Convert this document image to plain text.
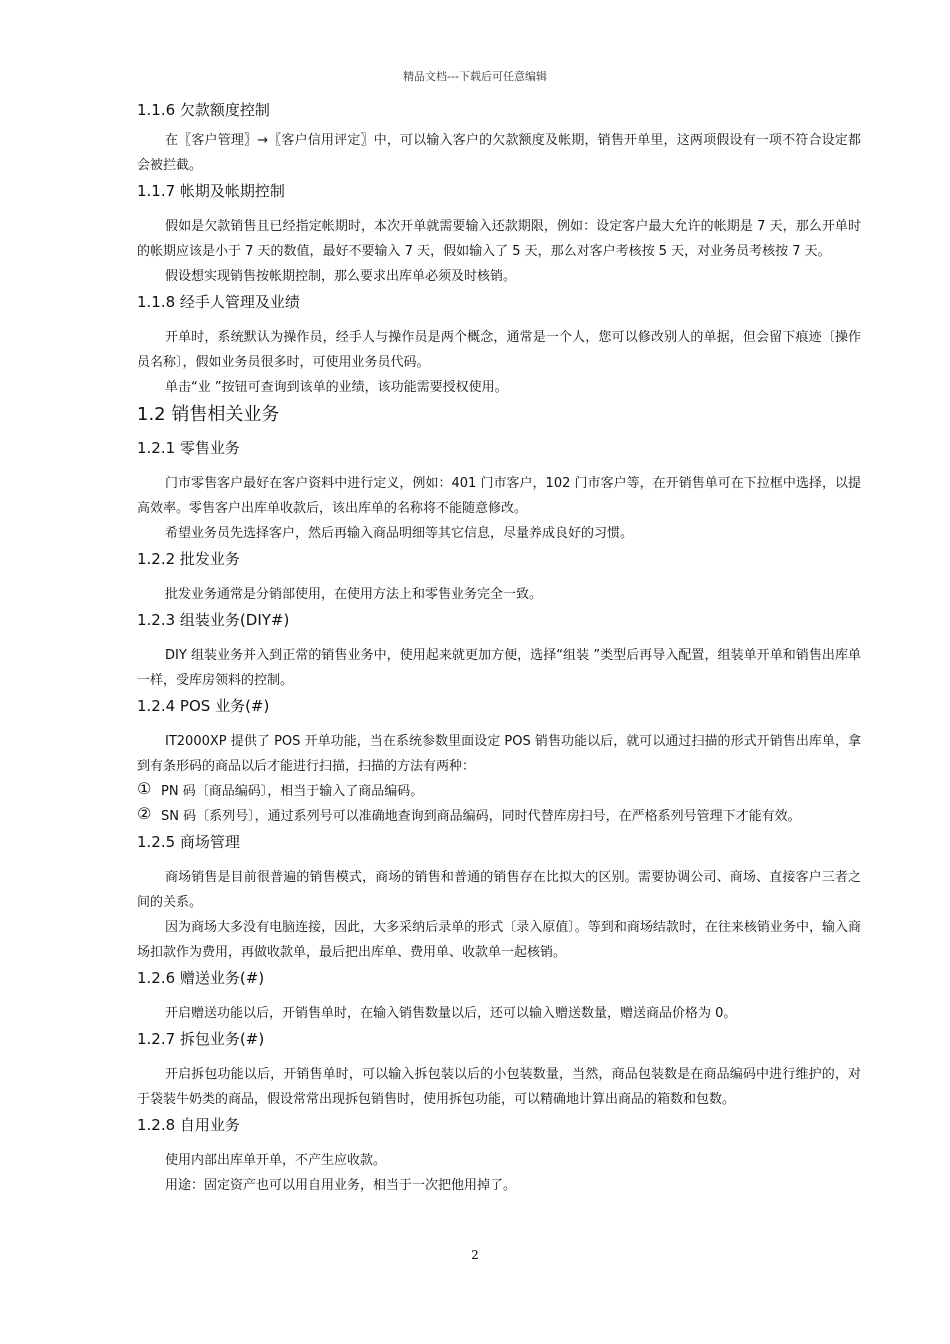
精品文档---下载后可任意编辑
1.1.6 欠款额度控制

在〖客户管理〗→〖客户信用评定〗中，可以输入客户的欠款额度及帐期，销售开单里，这两项假设有一项不符合设定都会被拦截。

1.1.7 帐期及帐期控制

假如是欠款销售且已经指定帐期时，本次开单就需要输入还款期限，例如：设定客户最大允许的帐期是 7 天，那么开单时的帐期应该是小于 7 天的数值，最好不要输入 7 天，假如输入了 5 天，那么对客户考核按 5 天，对业务员考核按 7 天。

假设想实现销售按帐期控制，那么要求出库单必须及时核销。

1.1.8 经手人管理及业绩

开单时，系统默认为操作员，经手人与操作员是两个概念，通常是一个人，您可以修改别人的单据，但会留下痕迹〔操作员名称〕，假如业务员很多时，可使用业务员代码。

单击“业 ”按钮可查询到该单的业绩，该功能需要授权使用。

1.2 销售相关业务
1.2.1 零售业务

门市零售客户最好在客户资料中进行定义，例如：401 门市客户，102 门市客户等，在开销售单可在下拉框中选择，以提高效率。零售客户出库单收款后，该出库单的名称将不能随意修改。

希望业务员先选择客户，然后再输入商品明细等其它信息，尽量养成良好的习惯。

1.2.2 批发业务

批发业务通常是分销部使用，在使用方法上和零售业务完全一致。

1.2.3 组装业务(DIY#)

DIY 组装业务并入到正常的销售业务中，使用起来就更加方便，选择“组装 ”类型后再导入配置，组装单开单和销售出库单一样，受库房领料的控制。

1.2.4 POS 业务(#)

IT2000XP 提供了 POS 开单功能，当在系统参数里面设定 POS 销售功能以后，就可以通过扫描的形式开销售出库单，拿到有条形码的商品以后才能进行扫描，扫描的方法有两种：

① PN 码〔商品编码〕，相当于输入了商品编码。

② SN 码〔系列号〕，通过系列号可以准确地查询到商品编码，同时代替库房扫号，在严格系列号管理下才能有效。

1.2.5 商场管理

商场销售是目前很普遍的销售模式，商场的销售和普通的销售存在比拟大的区别。需要协调公司、商场、直接客户三者之间的关系。

因为商场大多没有电脑连接，因此，大多采纳后录单的形式〔录入原值〕。等到和商场结款时，在往来核销业务中，输入商场扣款作为费用，再做收款单，最后把出库单、费用单、收款单一起核销。

1.2.6 赠送业务(#)

开启赠送功能以后，开销售单时，在输入销售数量以后，还可以输入赠送数量，赠送商品价格为 0。

1.2.7 拆包业务(#)

开启拆包功能以后，开销售单时，可以输入拆包装以后的小包装数量，当然，商品包装数是在商品编码中进行维护的，对于袋装牛奶类的商品，假设常常出现拆包销售时，使用拆包功能，可以精确地计算出商品的箱数和包数。

1.2.8 自用业务

使用内部出库单开单，不产生应收款。

用途：固定资产也可以用自用业务，相当于一次把他用掉了。

2
